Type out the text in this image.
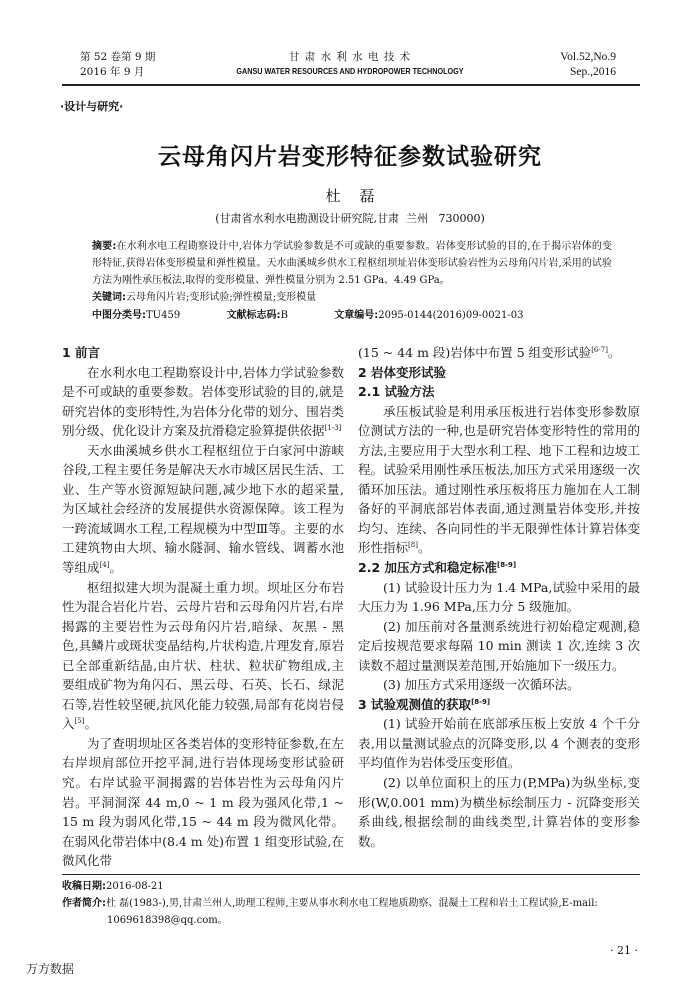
第 52 卷第 9 期
2016 年 9 月
甘 肃 水 利 水 电 技 术
GANSU WATER RESOURCES AND HYDROPOWER TECHNOLOGY
Vol.52,No.9
Sep.,2016
·设计与研究·
云母角闪片岩变形特征参数试验研究
杜    磊
(甘肃省水利水电勘测设计研究院,甘肃  兰州   730000)
摘要:在水利水电工程勘察设计中,岩体力学试验参数是不可或缺的重要参数。岩体变形试验的目的,在于揭示岩体的变形特征,获得岩体变形模量和弹性模量。天水曲溪城乡供水工程枢纽坝址岩体变形试验岩性为云母角闪片岩,采用的试验方法为刚性承压板法,取得的变形模量、弹性模量分别为 2.51 GPa、4.49 GPa。
关键词:云母角闪片岩;变形试验;弹性模量;变形模量
中图分类号:TU459	文献标志码:B	文章编号:2095-0144(2016)09-0021-03
1 前言

在水利水电工程勘察设计中,岩体力学试验参数是不可或缺的重要参数。岩体变形试验的目的,就是研究岩体的变形特性,为岩体分化带的划分、围岩类别分级、优化设计方案及抗滑稳定验算提供依据[1-3]

天水曲溪城乡供水工程枢纽位于白家河中游峡谷段,工程主要任务是解决天水市城区居民生活、工业、生产等水资源短缺问题,减少地下水的超采量,为区域社会经济的发展提供水资源保障。该工程为一跨流域调水工程,工程规模为中型Ⅲ等。主要的水工建筑物由大坝、输水隧洞、输水管线、调蓄水池等组成[4]。

枢纽拟建大坝为混凝土重力坝。坝址区分布岩性为混合岩化片岩、云母片岩和云母角闪片岩,右岸揭露的主要岩性为云母角闪片岩,暗绿、灰黑 - 黑色,具鳞片或斑状变晶结构,片状构造,片理发育,原岩已全部重新结晶,由片状、柱状、粒状矿物组成,主要组成矿物为角闪石、黑云母、石英、长石、绿泥石等,岩性较坚硬,抗风化能力较强,局部有花岗岩侵入[5]。

为了查明坝址区各类岩体的变形特征参数,在左右岸坝肩部位开挖平洞,进行岩体现场变形试验研究。右岸试验平洞揭露的岩体岩性为云母角闪片岩。平洞洞深 44 m,0 ~ 1 m 段为强风化带,1 ~ 15 m 段为弱风化带,15 ~ 44 m 段为微风化带。在弱风化带岩体中(8.4 m 处)布置 1 组变形试验,在微风化带

(15 ~ 44 m 段)岩体中布置 5 组变形试验[6-7]。

2 岩体变形试验
2.1 试验方法

承压板试验是利用承压板进行岩体变形参数原位测试方法的一种,也是研究岩体变形特性的常用的方法,主要应用于大型水利工程、地下工程和边坡工程。试验采用刚性承压板法,加压方式采用逐级一次循环加压法。通过刚性承压板将压力施加在人工制备好的平洞底部岩体表面,通过测量岩体变形,并按均匀、连续、各向同性的半无限弹性体计算岩体变形性指标[8]。

2.2 加压方式和稳定标准[8-9]

(1) 试验设计压力为 1.4 MPa,试验中采用的最大压力为 1.96 MPa,压力分 5 级施加。

(2) 加压前对各量测系统进行初始稳定观测,稳定后按规范要求每隔 10 min 测读 1 次,连续 3 次读数不超过量测误差范围,开始施加下一级压力。

(3) 加压方式采用逐级一次循环法。

3 试验观测值的获取[8-9]

(1) 试验开始前在底部承压板上安放 4 个千分表,用以量测试验点的沉降变形,以 4 个测表的变形平均值作为岩体受压变形值。

(2) 以单位面积上的压力(P,MPa)为纵坐标,变形(W,0.001 mm)为横坐标绘制压力 - 沉降变形关系曲线,根据绘制的曲线类型,计算岩体的变形参数。

收稿日期:2016-08-21
作者简介:杜 磊(1983-),男,甘肃兰州人,助理工程师,主要从事水利水电工程地质勘察、混凝土工程和岩土工程试验,E-mail:
1069618398@qq.com。
· 21 ·
万方数据
